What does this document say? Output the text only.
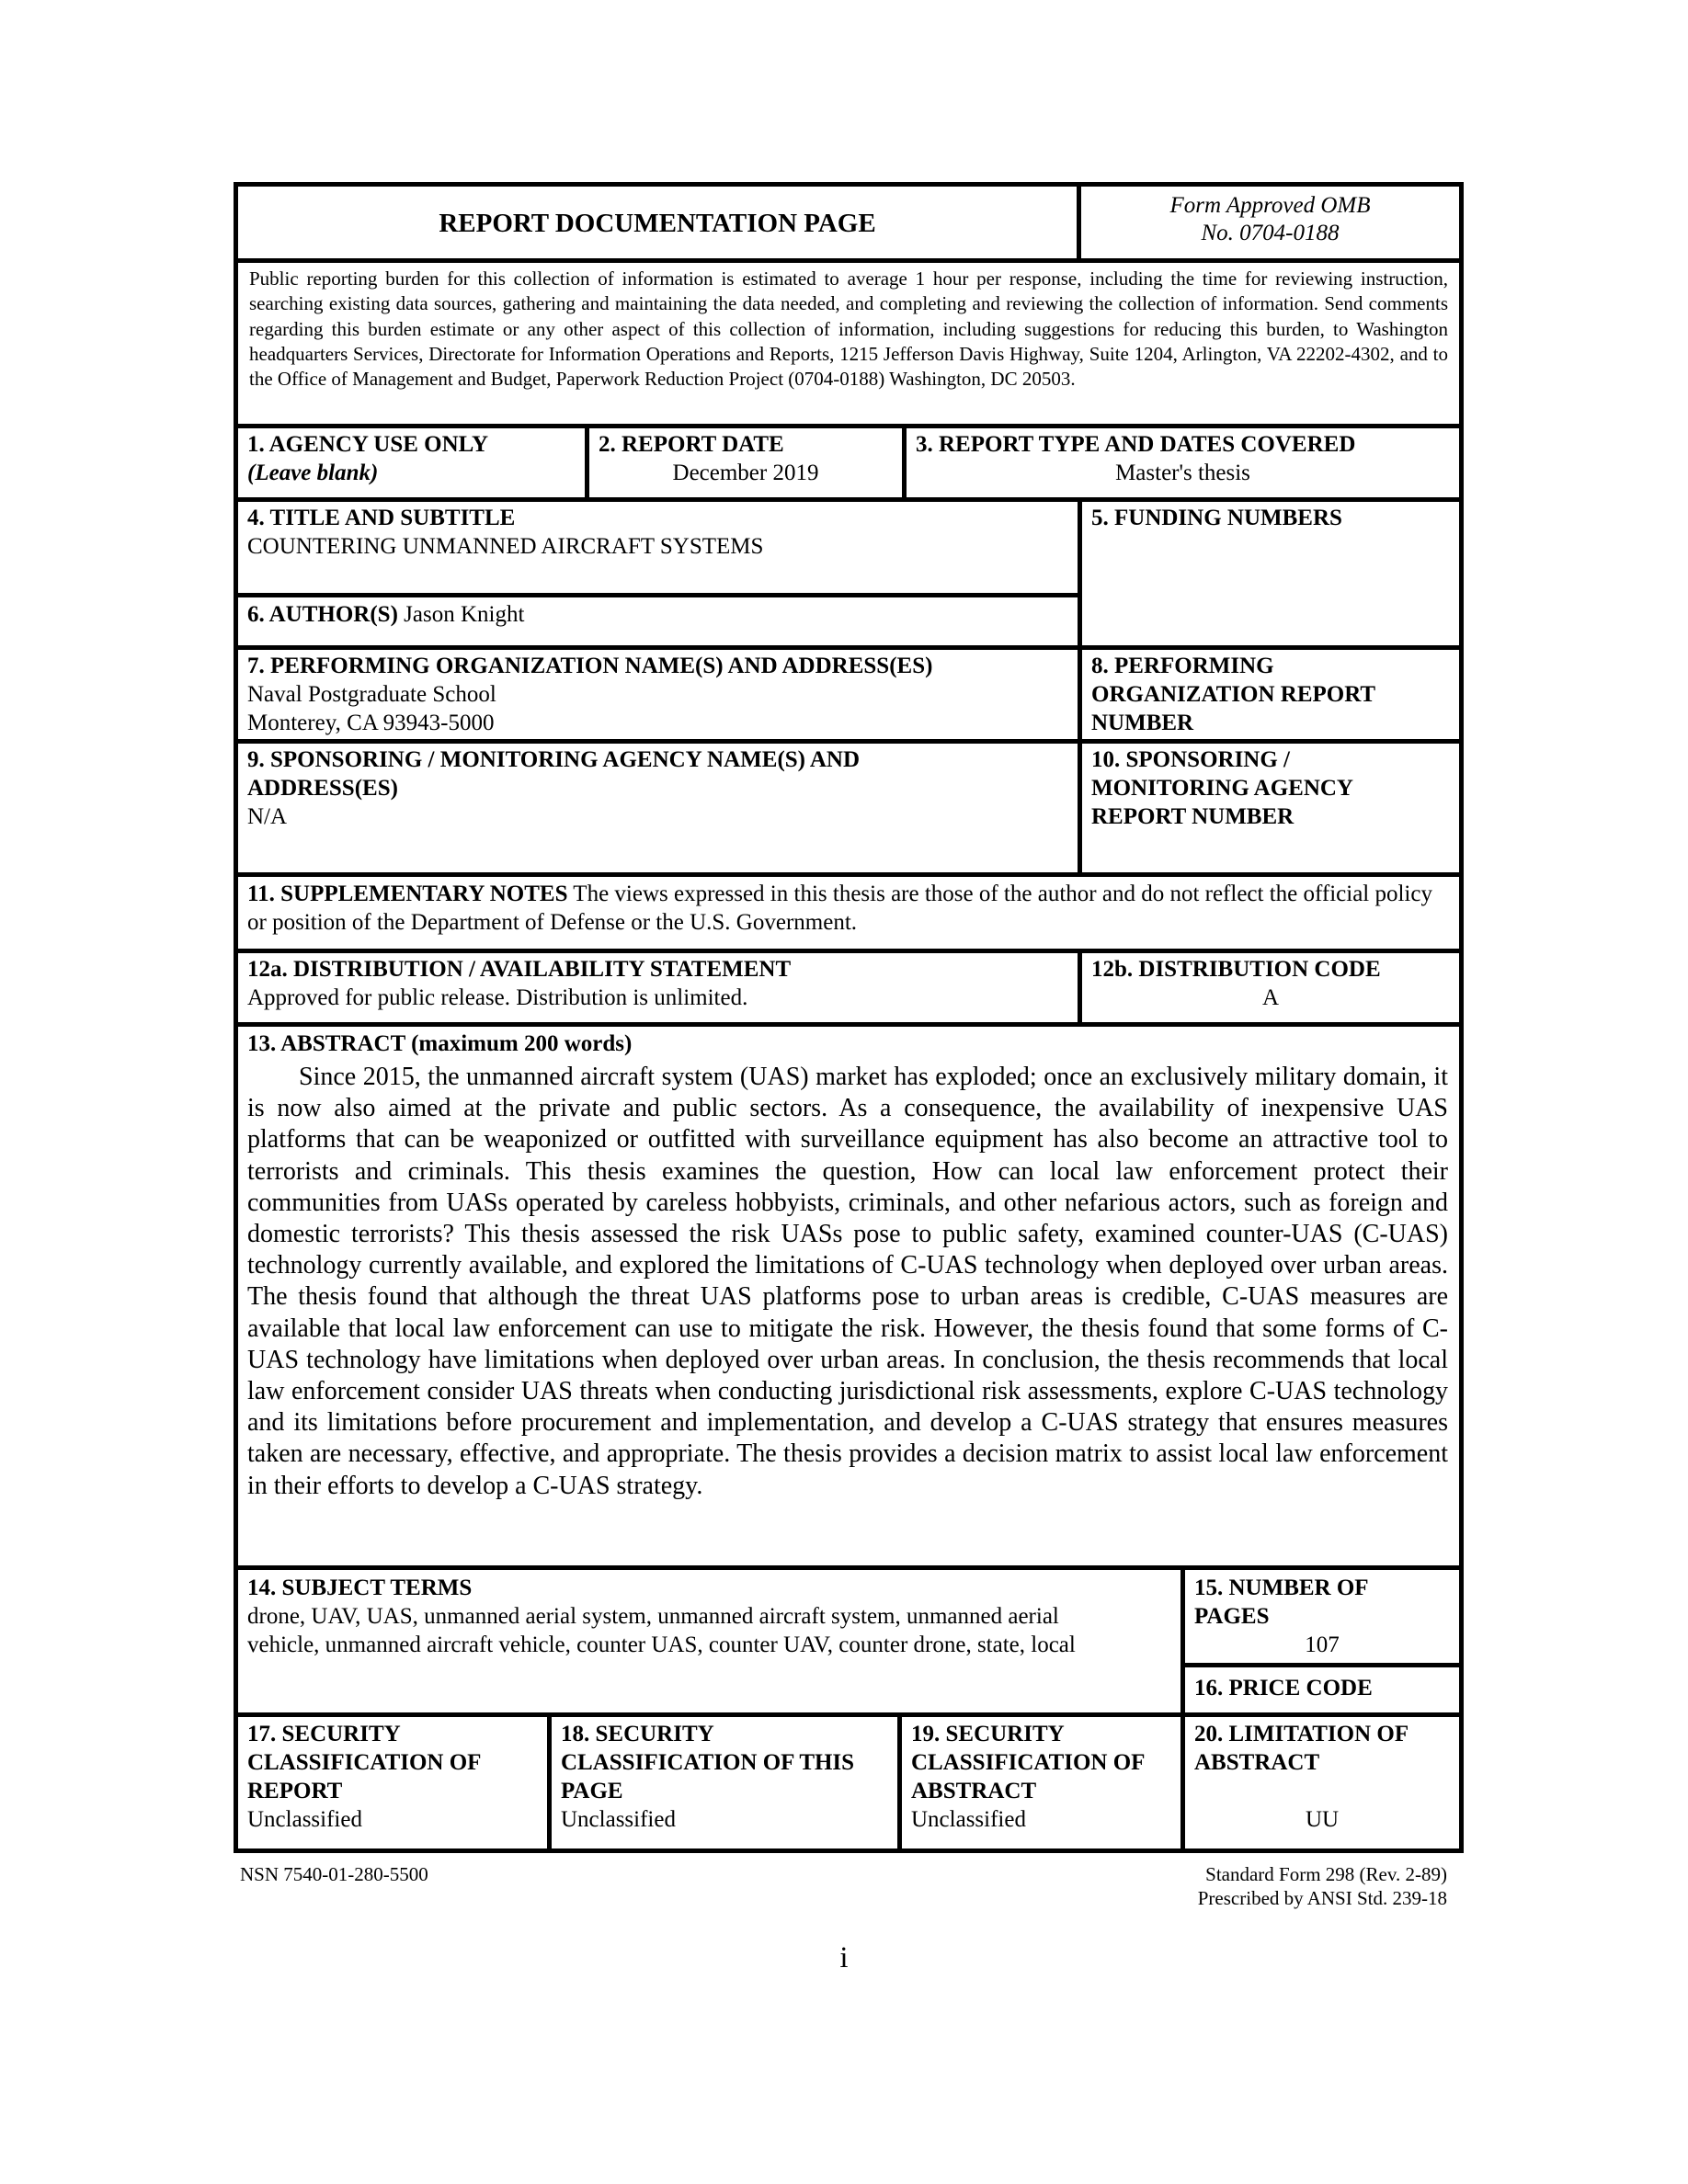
REPORT DOCUMENTATION PAGE
Form Approved OMB
No. 0704-0188
Public reporting burden for this collection of information is estimated to average 1 hour per response, including the time for reviewing instruction, searching existing data sources, gathering and maintaining the data needed, and completing and reviewing the collection of information. Send comments regarding this burden estimate or any other aspect of this collection of information, including suggestions for reducing this burden, to Washington headquarters Services, Directorate for Information Operations and Reports, 1215 Jefferson Davis Highway, Suite 1204, Arlington, VA 22202-4302, and to the Office of Management and Budget, Paperwork Reduction Project (0704-0188) Washington, DC 20503.
1. AGENCY USE ONLY
(Leave blank)
2. REPORT DATE
December 2019
3. REPORT TYPE AND DATES COVERED
Master's thesis
4. TITLE AND SUBTITLE
COUNTERING UNMANNED AIRCRAFT SYSTEMS
6. AUTHOR(S) Jason Knight
5. FUNDING NUMBERS
7. PERFORMING ORGANIZATION NAME(S) AND ADDRESS(ES)
Naval Postgraduate School
Monterey, CA 93943-5000
8. PERFORMING
ORGANIZATION REPORT
NUMBER
9. SPONSORING / MONITORING AGENCY NAME(S) AND
ADDRESS(ES)
N/A
10. SPONSORING /
MONITORING AGENCY
REPORT NUMBER
11. SUPPLEMENTARY NOTES The views expressed in this thesis are those of the author and do not reflect the official policy or position of the Department of Defense or the U.S. Government.
12a. DISTRIBUTION / AVAILABILITY STATEMENT
Approved for public release. Distribution is unlimited.
12b. DISTRIBUTION CODE
A
13. ABSTRACT (maximum 200 words)

Since 2015, the unmanned aircraft system (UAS) market has exploded; once an exclusively military domain, it is now also aimed at the private and public sectors. As a consequence, the availability of inexpensive UAS platforms that can be weaponized or outfitted with surveillance equipment has also become an attractive tool to terrorists and criminals. This thesis examines the question, How can local law enforcement protect their communities from UASs operated by careless hobbyists, criminals, and other nefarious actors, such as foreign and domestic terrorists? This thesis assessed the risk UASs pose to public safety, examined counter-UAS (C-UAS) technology currently available, and explored the limitations of C-UAS technology when deployed over urban areas. The thesis found that although the threat UAS platforms pose to urban areas is credible, C-UAS measures are available that local law enforcement can use to mitigate the risk. However, the thesis found that some forms of C-UAS technology have limitations when deployed over urban areas. In conclusion, the thesis recommends that local law enforcement consider UAS threats when conducting jurisdictional risk assessments, explore C-UAS technology and its limitations before procurement and implementation, and develop a C-UAS strategy that ensures measures taken are necessary, effective, and appropriate. The thesis provides a decision matrix to assist local law enforcement in their efforts to develop a C-UAS strategy.

14. SUBJECT TERMS
drone, UAV, UAS, unmanned aerial system, unmanned aircraft system, unmanned aerial
vehicle, unmanned aircraft vehicle, counter UAS, counter UAV, counter drone, state, local
15. NUMBER OF
PAGES
107
16. PRICE CODE
17. SECURITY
CLASSIFICATION OF
REPORT
Unclassified
18. SECURITY
CLASSIFICATION OF THIS
PAGE
Unclassified
19. SECURITY
CLASSIFICATION OF
ABSTRACT
Unclassified
20. LIMITATION OF
ABSTRACT
UU
NSN 7540-01-280-5500	Standard Form 298 (Rev. 2-89)
Prescribed by ANSI Std. 239-18
i
